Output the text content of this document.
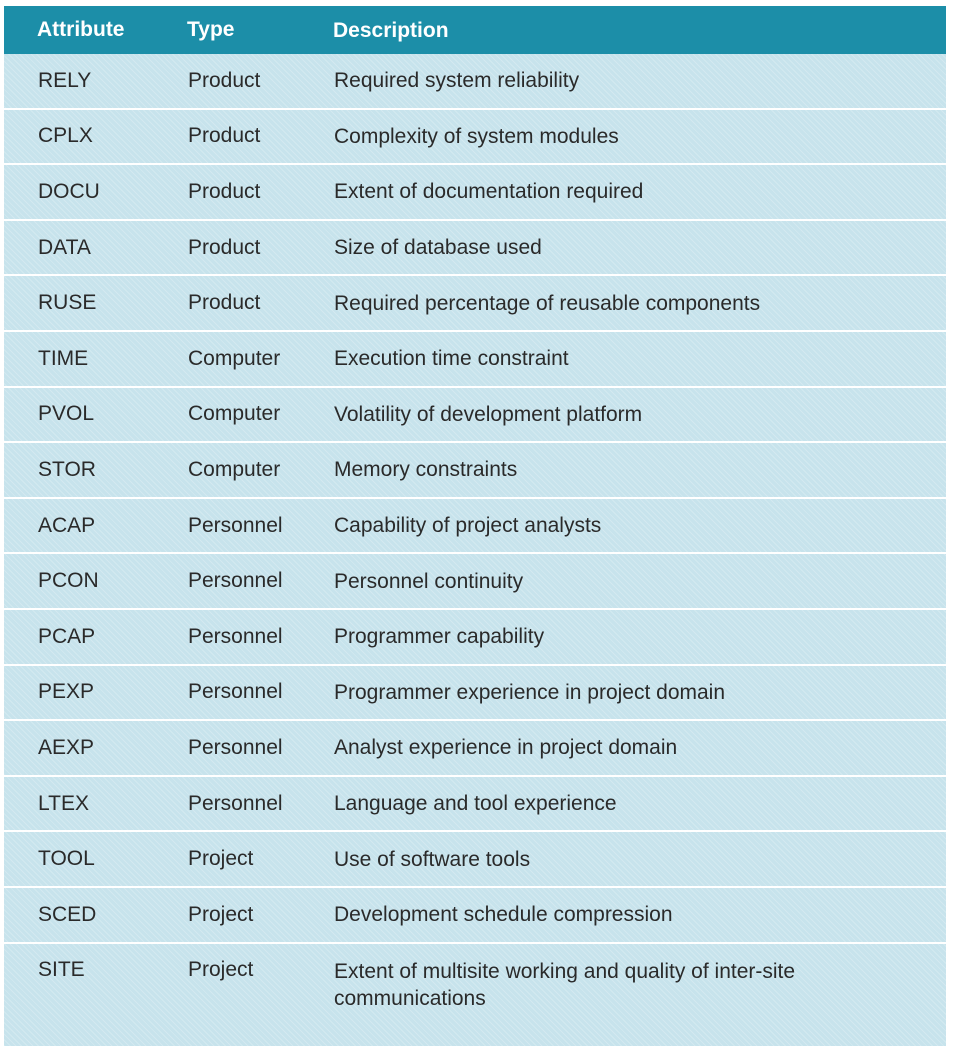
Attribute	Type	Description
RELY	Product	Required system reliability
CPLX	Product	Complexity of system modules
DOCU	Product	Extent of documentation required
DATA	Product	Size of database used
RUSE	Product	Required percentage of reusable components
TIME	Computer	Execution time constraint
PVOL	Computer	Volatility of development platform
STOR	Computer	Memory constraints
ACAP	Personnel	Capability of project analysts
PCON	Personnel	Personnel continuity
PCAP	Personnel	Programmer capability
PEXP	Personnel	Programmer experience in project domain
AEXP	Personnel	Analyst experience in project domain
LTEX	Personnel	Language and tool experience
TOOL	Project	Use of software tools
SCED	Project	Development schedule compression
SITE	Project	Extent of multisite working and quality of inter-site communications
